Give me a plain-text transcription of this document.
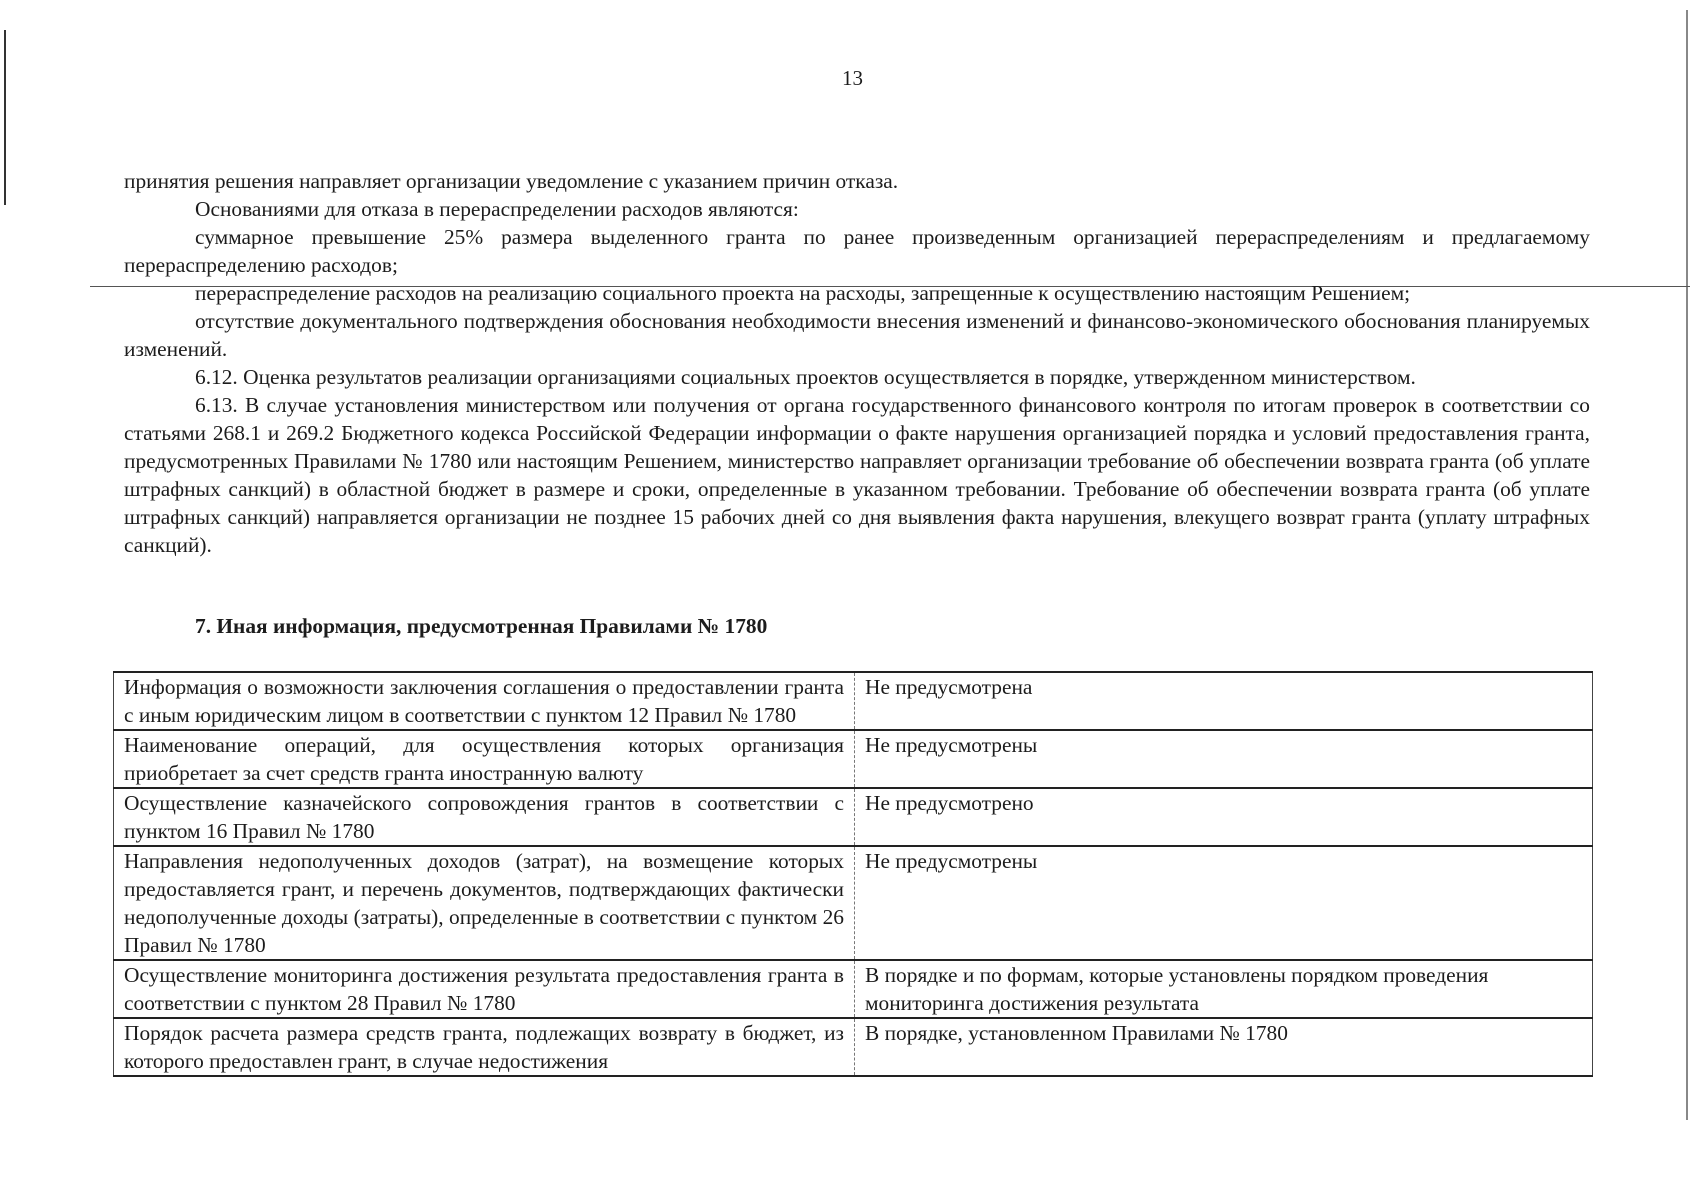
13

принятия решения направляет организации уведомление с указанием причин отказа.

Основаниями для отказа в перераспределении расходов являются:

суммарное превышение 25% размера выделенного гранта по ранее произведенным организацией перераспределениям и предлагаемому перераспределению расходов;

перераспределение расходов на реализацию социального проекта на расходы, запрещенные к осуществлению настоящим Решением;

отсутствие документального подтверждения обоснования необходимости внесения изменений и финансово-экономического обоснования планируемых изменений.

6.12. Оценка результатов реализации организациями социальных проектов осуществляется в порядке, утвержденном министерством.

6.13. В случае установления министерством или получения от органа государственного финансового контроля по итогам проверок в соответствии со статьями 268.1 и 269.2 Бюджетного кодекса Российской Федерации информации о факте нарушения организацией порядка и условий предоставления гранта, предусмотренных Правилами № 1780 или настоящим Решением, министерство направляет организации требование об обеспечении возврата гранта (об уплате штрафных санкций) в областной бюджет в размере и сроки, определенные в указанном требовании. Требование об обеспечении возврата гранта (об уплате штрафных санкций) направляется организации не позднее 15 рабочих дней со дня выявления факта нарушения, влекущего возврат гранта (уплату штрафных санкций).

7. Иная информация, предусмотренная Правилами № 1780
Информация о возможности заключения соглашения о предоставлении гранта с иным юридическим лицом в соответствии с пунктом 12 Правил № 1780	Не предусмотрена
Наименование операций, для осуществления которых организация приобретает за счет средств гранта иностранную валюту	Не предусмотрены
Осуществление казначейского сопровождения грантов в соответствии с пунктом 16 Правил № 1780	Не предусмотрено
Направления недополученных доходов (затрат), на возмещение которых предоставляется грант, и перечень документов, подтверждающих фактически недополученные доходы (затраты), определенные в соответствии с пунктом 26 Правил № 1780	Не предусмотрены
Осуществление мониторинга достижения результата предоставления гранта в соответствии с пунктом 28 Правил № 1780	В порядке и по формам, которые установлены порядком проведения мониторинга достижения результата

Порядок расчета размера средств гранта, подлежащих возврату в бюджет, из которого предоставлен грант, в случае недостижения	В порядке, установленном Правилами № 1780
